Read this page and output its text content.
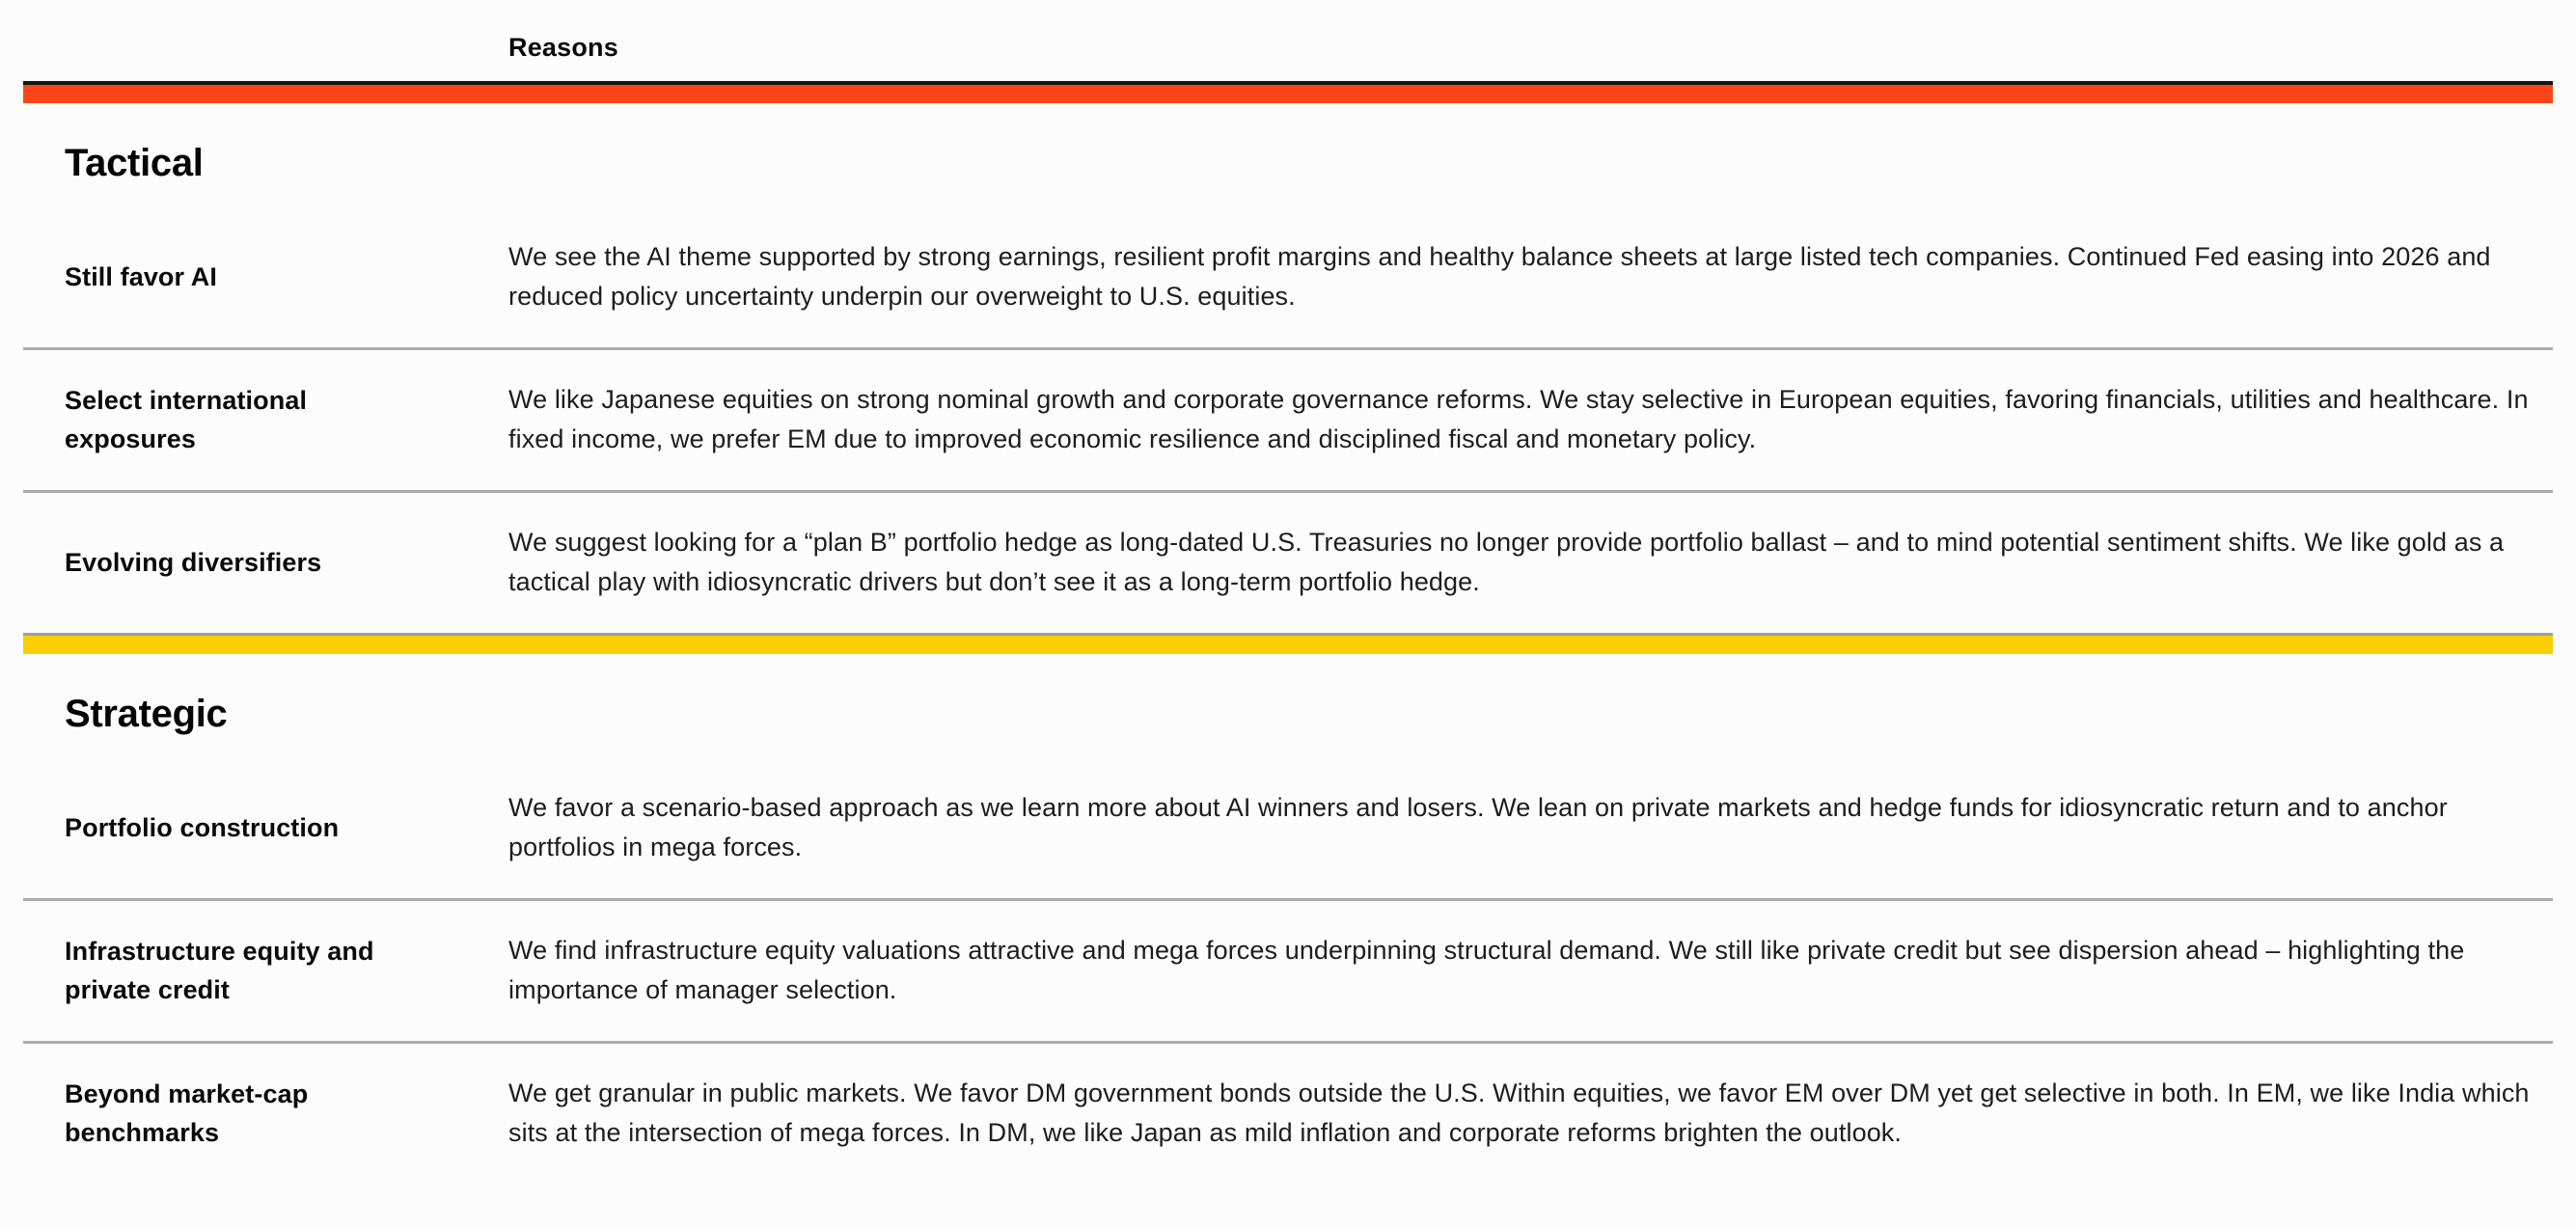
Reasons
Tactical
Still favor AI
We see the AI theme supported by strong earnings, resilient profit margins and healthy balance sheets at large listed tech companies. Continued Fed easing into 2026 and reduced policy uncertainty underpin our overweight to U.S. equities.
Select international exposures
We like Japanese equities on strong nominal growth and corporate governance reforms. We stay selective in European equities, favoring financials, utilities and healthcare. In fixed income, we prefer EM due to improved economic resilience and disciplined fiscal and monetary policy.
Evolving diversifiers
We suggest looking for a “plan B” portfolio hedge as long-dated U.S. Treasuries no longer provide portfolio ballast – and to mind potential sentiment shifts. We like gold as a tactical play with idiosyncratic drivers but don’t see it as a long-term portfolio hedge.
Strategic
Portfolio construction
We favor a scenario-based approach as we learn more about AI winners and losers. We lean on private markets and hedge funds for idiosyncratic return and to anchor portfolios in mega forces.
Infrastructure equity and private credit
We find infrastructure equity valuations attractive and mega forces underpinning structural demand. We still like private credit but see dispersion ahead – highlighting the importance of manager selection.
Beyond market-cap benchmarks
We get granular in public markets. We favor DM government bonds outside the U.S. Within equities, we favor EM over DM yet get selective in both. In EM, we like India which sits at the intersection of mega forces. In DM, we like Japan as mild inflation and corporate reforms brighten the outlook.
